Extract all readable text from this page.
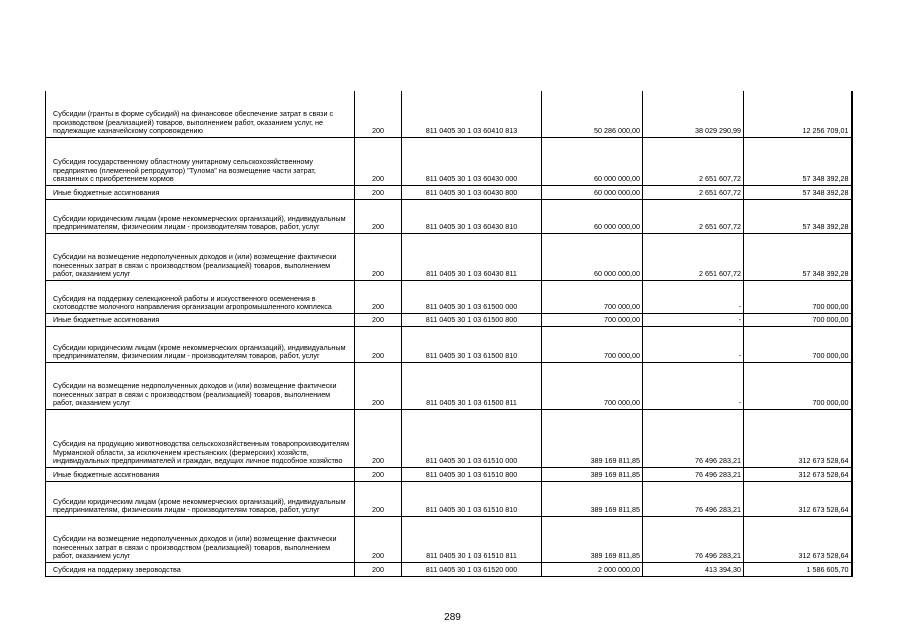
Субсидии (гранты в форме субсидий) на финансовое обеспечение затрат в связи с производством (реализацией) товаров, выполнением работ, оказанием услуг, не подлежащие казначейскому сопровождению	200	811 0405 30 1 03 60410 813	50 286 000,00	38 029 290,99	12 256 709,01
Субсидия государственному областному унитарному сельскохозяйственному предприятию (племенной репродуктор) "Тулома" на возмещение части затрат, связанных с приобретением кормов	200	811 0405 30 1 03 60430 000	60 000 000,00	2 651 607,72	57 348 392,28
Иные бюджетные ассигнования	200	811 0405 30 1 03 60430 800	60 000 000,00	2 651 607,72	57 348 392,28
Субсидии юридическим лицам (кроме некоммерческих организаций), индивидуальным предпринимателям, физическим лицам - производителям товаров, работ, услуг	200	811 0405 30 1 03 60430 810	60 000 000,00	2 651 607,72	57 348 392,28
Субсидии на возмещение недополученных доходов и (или) возмещение фактически понесенных затрат в связи с производством (реализацией) товаров, выполнением работ, оказанием услуг	200	811 0405 30 1 03 60430 811	60 000 000,00	2 651 607,72	57 348 392,28
Субсидия на поддержку селекционной работы и искусственного осеменения в скотоводстве молочного направления организации агропромышленного комплекса	200	811 0405 30 1 03 61500 000	700 000,00	-	700 000,00
Иные бюджетные ассигнования	200	811 0405 30 1 03 61500 800	700 000,00	-	700 000,00
Субсидии юридическим лицам (кроме некоммерческих организаций), индивидуальным предпринимателям, физическим лицам - производителям товаров, работ, услуг	200	811 0405 30 1 03 61500 810	700 000,00	-	700 000,00
Субсидии на возмещение недополученных доходов и (или) возмещение фактически понесенных затрат в связи с производством (реализацией) товаров, выполнением работ, оказанием услуг	200	811 0405 30 1 03 61500 811	700 000,00	-	700 000,00
Субсидия на продукцию животноводства сельскохозяйственным товаропроизводителям Мурманской области, за исключением крестьянских (фермерских) хозяйств, индивидуальных предпринимателей и граждан, ведущих личное подсобное хозяйство	200	811 0405 30 1 03 61510 000	389 169 811,85	76 496 283,21	312 673 528,64
Иные бюджетные ассигнования	200	811 0405 30 1 03 61510 800	389 169 811,85	76 496 283,21	312 673 528,64
Субсидии юридическим лицам (кроме некоммерческих организаций), индивидуальным предпринимателям, физическим лицам - производителям товаров, работ, услуг	200	811 0405 30 1 03 61510 810	389 169 811,85	76 496 283,21	312 673 528,64
Субсидии на возмещение недополученных доходов и (или) возмещение фактически понесенных затрат в связи с производством (реализацией) товаров, выполнением работ, оказанием услуг	200	811 0405 30 1 03 61510 811	389 169 811,85	76 496 283,21	312 673 528,64
Субсидия на поддержку звероводства	200	811 0405 30 1 03 61520 000	2 000 000,00	413 394,30	1 586 605,70
289
